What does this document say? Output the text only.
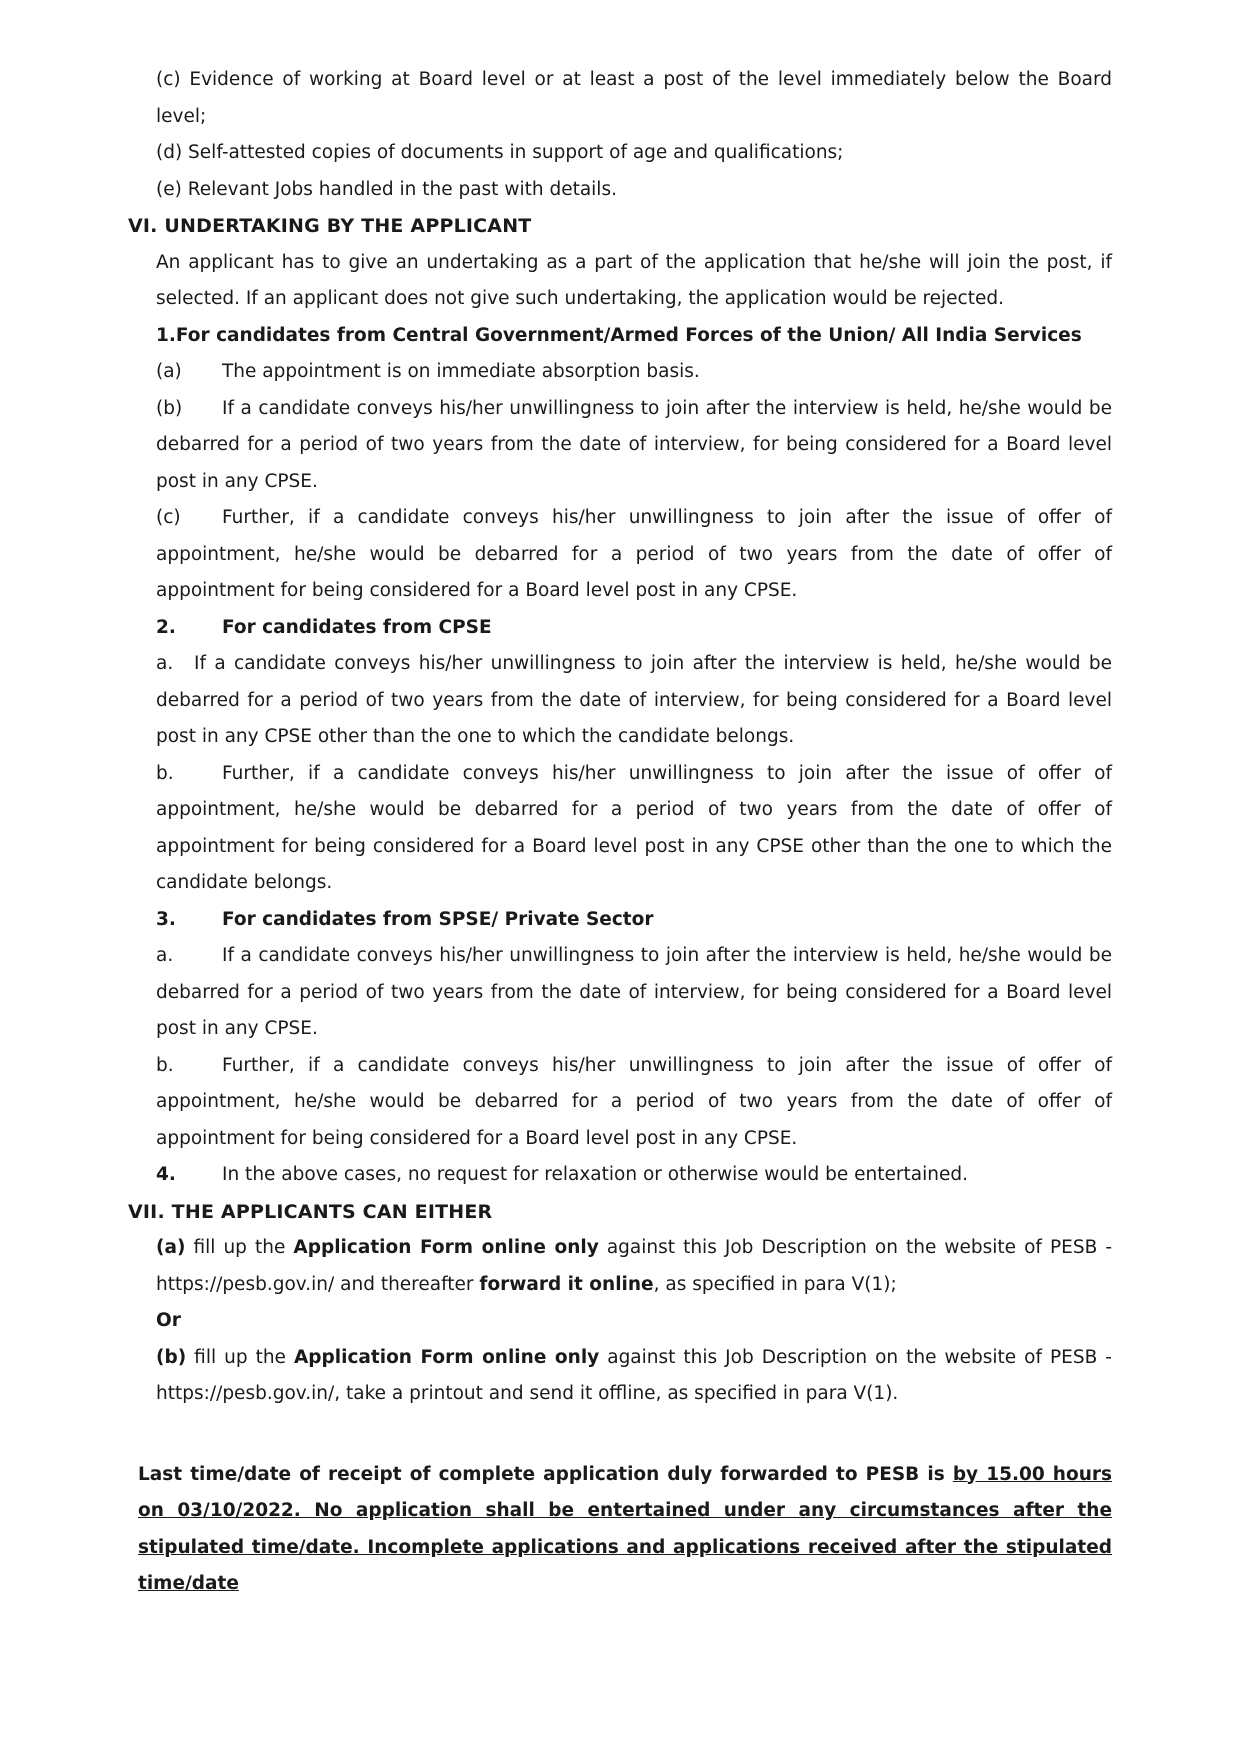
(c) Evidence of working at Board level or at least a post of the level immediately below the Board level;

(d) Self-attested copies of documents in support of age and qualifications;

(e) Relevant Jobs handled in the past with details.

VI. UNDERTAKING BY THE APPLICANT

An applicant has to give an undertaking as a part of the application that he/she will join the post, if selected. If an applicant does not give such undertaking, the application would be rejected.

1.For candidates from Central Government/Armed Forces of the Union/ All India Services

(a) The appointment is on immediate absorption basis.

(b) If a candidate conveys his/her unwillingness to join after the interview is held, he/she would be debarred for a period of two years from the date of interview, for being considered for a Board level post in any CPSE.

(c) Further, if a candidate conveys his/her unwillingness to join after the issue of offer of appointment, he/she would be debarred for a period of two years from the date of offer of appointment for being considered for a Board level post in any CPSE.

2. For candidates from CPSE

a. If a candidate conveys his/her unwillingness to join after the interview is held, he/she would be debarred for a period of two years from the date of interview, for being considered for a Board level post in any CPSE other than the one to which the candidate belongs.

b.	Further, if a candidate conveys his/her unwillingness to join after the issue of offer of appointment, he/she would be debarred for a period of two years from the date of offer of appointment for being considered for a Board level post in any CPSE other than the one to which the candidate belongs.

3. For candidates from SPSE/ Private Sector

a.	If a candidate conveys his/her unwillingness to join after the interview is held, he/she would be debarred for a period of two years from the date of interview, for being considered for a Board level post in any CPSE.

b.	Further, if a candidate conveys his/her unwillingness to join after the issue of offer of appointment, he/she would be debarred for a period of two years from the date of offer of appointment for being considered for a Board level post in any CPSE.

4. In the above cases, no request for relaxation or otherwise would be entertained.

VII. THE APPLICANTS CAN EITHER

(a) fill up the Application Form online only against this Job Description on the website of PESB - https://pesb.gov.in/ and thereafter forward it online, as specified in para V(1);

Or

(b) fill up the Application Form online only against this Job Description on the website of PESB - https://pesb.gov.in/, take a printout and send it offline, as specified in para V(1).

Last time/date of receipt of complete application duly forwarded to PESB is by 15.00 hours on 03/10/2022. No application shall be entertained under any circumstances after the stipulated time/date. Incomplete applications and applications received after the stipulated time/date
